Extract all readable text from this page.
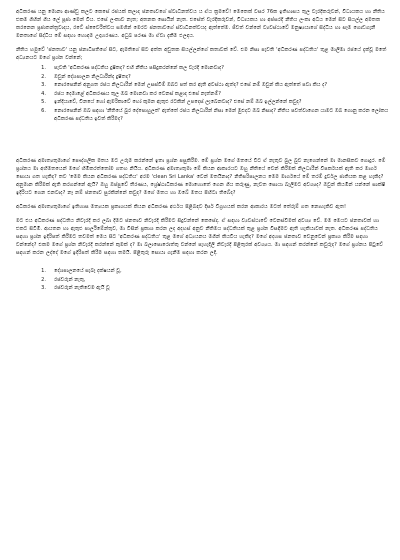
අධිකරණ යනු මොනා ආණ්ඩු කලට කෙසේ රජයක් කලාද ජනතාවගේ ස්වාධීනත්වය ය ඒය ක්‍රමවේ! මෙතෙක් වසර 76ක ඉතිහාසය තුල වැරදිකරුවන්, විධායකය හා නීතිය එකම ගිහින් ගිය ලේ පූජා මෙන් විය. එසේ ලංකාව නැත; අතනක සොයින් නැත. එසේත් වැරදිකරුවන්, විධායකය හා අප්සරදි නීතිය ලංකා අධිය මෙන් සිට සියල්ල අමතක කරනෙන ප්‍රජාතන්ත්‍රවාදය, රටේ ස්වෛරීත්වය සමගින් මෙරට ජනතාවගේ ස්වාධීනත්වයද ඇත්තේම. ජීවත් වන්නේ ව්‍යවස්ථාවේ මනුෂ්‍යයාගේ සිද්ධිය හා සෑම ගොඩගැනී මනතාගේ සිද්ධිය මේ සඳහා හොඳම උදාහරණය. අධුබ පරණ මා ඒවා දැකීම එලඳය.

නීතිය හමුවේ 'ජනතාව' යනු ජනාධිපතිගේ සිට, ඇමතිගේ සිට අත්ත අඩුතක සියල්ලන්ගේ කතාවක් වේ. එම නිසා පැවති 'අධිකරණ පද්ධතිය' තුළ මාලිමා රජයේ දැක්වූ මතේ අධ්‍යනයට මගේ ප්‍රශ්න වන්නේ;

1.	පැවති 'අධිකරණ පද්ධතිය දුෂිතද? එහි නීතිය පසිදුකරන්නේ කල වැරදි මොනවාද?
2.	ඔවුන් දේශපාලන නිලධාරීන්ද දුෂිතද?
3.	නොරපෙනින් අනුගත රජය නිලධාරීන් මෙන් උසස්වීම් ඔබට පත් කර ඇති අවස්ථා ඇත්ද? එසේ නම් ඔවුන් කිය ඇත්තේ පවා කිය ද?
4.	රජය දෙමාළේ අධිකරණය තුල ඔබ මොනවා කර වෙනස් කළාද එසේ නැත්නම්?
5.	ඉන්දියාවේ, චීනයේ හෝ ඇමරිකාවේ හෝ කුමන ඇතුළු රටකින් උපදෙස් ලැබෙනවාද? එසේ නම් ඔබ ඉල්ලන්නේ කවුද?
6.	නොරපෙනින් ඔබ සඳහා 'නීතියේ බුර දේපොහුලත්' ඇත්තේ රජය නිලධාරීන් නිසා මෙන් මුළුදට ඔබ නිසාද? නීතිය පවත්වාගෙන යාමට ඔබ ගොනු කරන ලෝකය අධිකරණ පද්ධතිය ඉවත් කිරීමද?

අධිකරණ අමාත්‍යතුමාගේ පෞද්ගලික මතය මට උරුම කරන්නේ ඉතා ප්‍රශ්න පසුකිරීම. මේ ප්‍රශ්න මගේ මතයේ වීට ඒ නැතුව බුල බුව නැගෙන්නේ මා මානසිකව ගොදුර. මේ ප්‍රශ්නය මා අභිමතයෙන් මගේ හිමිකරත්තෝම ගතහ නියිය. අධිකරණ අමාත්‍යතුමා මේ කියන ආකාරයට ඔහු නීතියේ වෙන් කිරීමක් නිලධාරීන් විපර්කයක් ඇති කර මාර්ග සොයා ගත හැකිද? තව 'මෙම කියන අධිකරණ පද්ධතිය' අරම 'clean Sri Lanka' වෙන් මතයිනාද? නිතිපරිපාලනය මෙම මාර්ගයේ මේ තරම් දුර්වල ජාතියක කළ හැකිද? අනුමාන කිරීමක් ඇති කරගන්නේ ඇයි? ඔහු ඔප්පුවේ තීරණය, ශ්‍රේෂ්ඨාධිකරණ මොහොතේ ගෙන ගිය කරුණු, නැවත සොයා බැලීමට අවශ්‍යද? ඔවුන් කියමින් යන්නේ සාක්ෂි ඉදිරියට ගෙන එනවාද? නෑ නම් ජනතාව සුරකින්නේ කවුද? මගේ මතය හා ඔබේ මතය පිහිටා තිබේද?

අධිකරණ අමාත්‍යතුමාගේ ඉතිහාස මත්‍යයක ප්‍රකාශයක් කියන අධිකරණ අර්ථය පිළිබඳව දීර්ඝ විග්‍රහයක් කරන ආකාරය මටත් තේරුම් ගත නොහැකිව ඇත!

මට එය අධිකරණ පද්ධතිය නිවැරදි කර ලබා දීමට ජනතාව නිවැරදි කිරීමට සිදුවන්නේ කෙසේද. ඒ සඳහා ව්‍යවස්ථාවේ වෙනස්වීමක් අවශ්‍ය වේ. මම මෙයට ජනතාවක් හා එකට සිටිමි. ආයතන හා ඇතුළු පාර්ලිමේන්තුව, මා විසින් ප්‍රකාශ කරන ලද අදහස් අනුව නීතිමය පද්ධතියක් තුළ ප්‍රශ්න විසඳීමට ඇති හැකියාවක් නැත. අධිකරණ පද්ධතිය සඳහා ප්‍රශ්න ඉදිරිපත් කිරීමට තවමත් මෙය සිට 'අධිකරණ පද්ධතිය' තුළ මගේ අධ්‍යයනය මගින් කියවිය හැකිද? මගේ අදහස ජනතාව වෙනුවෙන් ප්‍රකාශ කිරීම සඳහා වන්නේද? එකම මගේ ප්‍රශ්න නිවැරදි කරන්නේ කුමක් ද? මා බලාපොරොත්තු වන්නේ පැහැදිලි නිවැරදි පිළිතුරක් අවශ්‍යය. මා සඳහන් කරන්නේ කවුරුද? මගේ ප්‍රශ්නය පිටුවේ සඳහන් කරන ලද්දේ මගේ ඉදිරිපත් කිරීම සඳහා තමයි. පිළිතුරු සොයා ගැනීම සඳහා කරන ලදී.

1.	දේශපාලනයේ සැබෑ දක්ෂයන් වූ,
2.	රජවරුන් නැතු,
3.	රජවරුන් නැතිවෙම ඇයි වූ
